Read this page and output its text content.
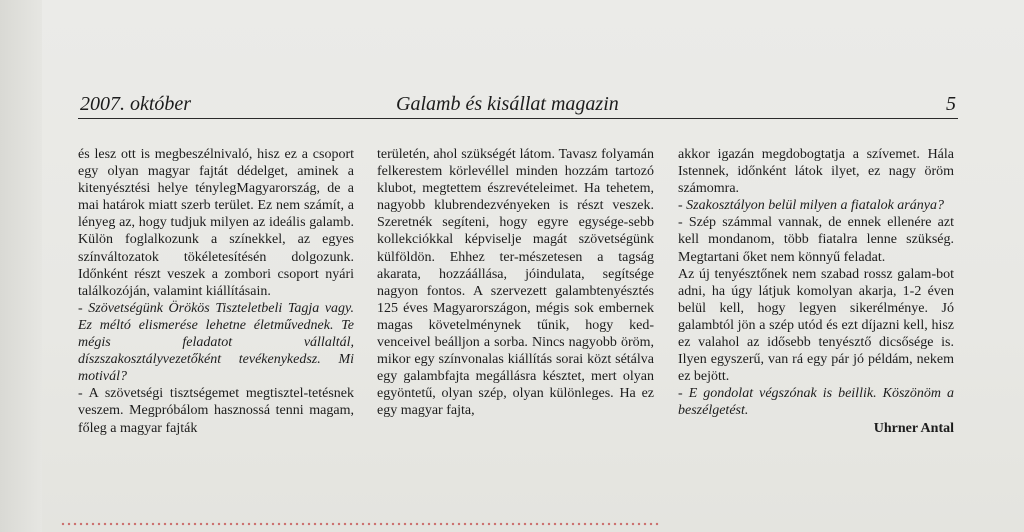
2007. október	Galamb és kisállat magazin	5

és lesz ott is megbeszélnivaló, hisz ez a csoport egy olyan magyar fajtát dédelget, aminek a kitenyésztési helye ténylegMagyarország, de a mai határok miatt szerb terület. Ez nem számít, a lényeg az, hogy tudjuk milyen az ideális galamb. Külön foglalkozunk a színekkel, az egyes színváltozatok tökéletesítésén dolgozunk. Időnként részt veszek a zombori csoport nyári találkozóján, valamint kiállításain.

- Szövetségünk Örökös Tiszteletbeli Tagja vagy. Ez méltó elismerése lehetne életművednek. Te mégis feladatot vállaltál, díszszakosztályvezetőként tevékenykedsz. Mi motivál?

- A szövetségi tisztségemet megtisztel-tetésnek veszem. Megpróbálom hasznossá tenni magam, főleg a magyar fajták

területén, ahol szükségét látom. Tavasz folyamán felkerestem körlevéllel minden hozzám tartozó klubot, megtettem észrevételeimet. Ha tehetem, nagyobb klubrendezvényeken is részt veszek. Szeretnék segíteni, hogy egyre egysége-sebb kollekciókkal képviselje magát szövetségünk külföldön. Ehhez ter-mészetesen a tagság akarata, hozzáállása, jóindulata, segítsége nagyon fontos. A szervezett galambtenyésztés 125 éves Magyarországon, mégis sok embernek magas követelménynek tűnik, hogy ked-venceivel beálljon a sorba. Nincs nagyobb öröm, mikor egy színvonalas kiállítás sorai közt sétálva egy galambfajta megállásra késztet, mert olyan egyöntetű, olyan szép, olyan különleges. Ha ez egy magyar fajta,

akkor igazán megdobogtatja a szívemet. Hála Istennek, időnként látok ilyet, ez nagy öröm számomra.

- Szakosztályon belül milyen a fiatalok aránya?

- Szép számmal vannak, de ennek ellenére azt kell mondanom, több fiatalra lenne szükség. Megtartani őket nem könnyű feladat.

Az új tenyésztőnek nem szabad rossz galam-bot adni, ha úgy látjuk komolyan akarja, 1-2 éven belül kell, hogy legyen sikerélménye. Jó galambtól jön a szép utód és ezt díjazni kell, hisz ez valahol az idősebb tenyésztő dicsősége is. Ilyen egyszerű, van rá egy pár jó példám, nekem ez bejött.

- E gondolat végszónak is beillik. Köszönöm a beszélgetést.

Uhrner Antal
